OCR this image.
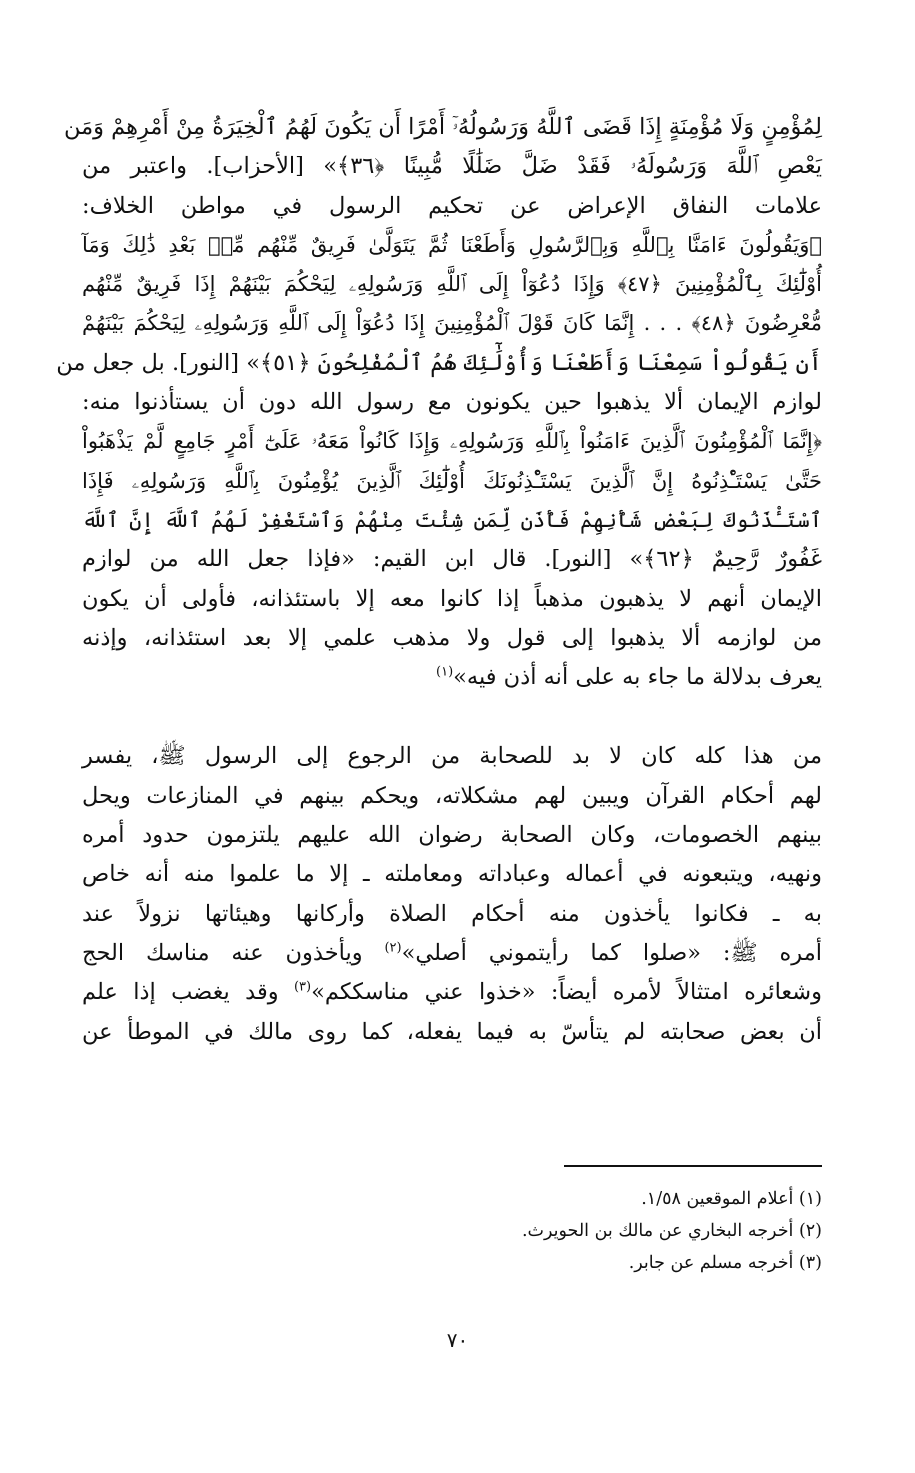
لِمُؤْمِنٍ وَلَا مُؤْمِنَةٍ إِذَا قَضَى ٱللَّهُ وَرَسُولُهُۥٓ أَمْرًا أَن يَكُونَ لَهُمُ ٱلْخِيَرَةُ مِنْ أَمْرِهِمْ وَمَن
يَعْصِ ٱللَّهَ وَرَسُولَهُۥ فَقَدْ ضَلَّ ضَلَٰلًا مُّبِينًا ﴿٣٦﴾» [الأحزاب]. واعتبر من
علامات النفاق الإعراض عن تحكيم الرسول في مواطن الخلاف:
﴿وَيَقُولُونَ ءَامَنَّا بِٱللَّهِ وَبِٱلرَّسُولِ وَأَطَعْنَا ثُمَّ يَتَوَلَّىٰ فَرِيقٌ مِّنْهُم مِّنۢ بَعْدِ ذَٰلِكَ وَمَآ
أُوْلَٰٓئِكَ بِٱلْمُؤْمِنِينَ ﴿٤٧﴾ وَإِذَا دُعُوٓاْ إِلَى ٱللَّهِ وَرَسُولِهِۦ لِيَحْكُمَ بَيْنَهُمْ إِذَا فَرِيقٌ مِّنْهُم
مُّعْرِضُونَ ﴿٤٨﴾ . . . إِنَّمَا كَانَ قَوْلَ ٱلْمُؤْمِنِينَ إِذَا دُعُوٓاْ إِلَى ٱللَّهِ وَرَسُولِهِۦ لِيَحْكُمَ بَيْنَهُمْ
أَن يَقُولُواْ سَمِعْنَا وَأَطَعْنَا وَأُوْلَٰٓئِكَ هُمُ ٱلْمُفْلِحُونَ ﴿٥١﴾» [النور]. بل جعل من
لوازم الإيمان ألا يذهبوا حين يكونون مع رسول الله دون أن يستأذنوا منه:
﴿إِنَّمَا ٱلْمُؤْمِنُونَ ٱلَّذِينَ ءَامَنُواْ بِٱللَّهِ وَرَسُولِهِۦ وَإِذَا كَانُواْ مَعَهُۥ عَلَىٰٓ أَمْرٍ جَامِعٍ لَّمْ يَذْهَبُواْ
حَتَّىٰ يَسْتَـْٔذِنُوهُ إِنَّ ٱلَّذِينَ يَسْتَـْٔذِنُونَكَ أُوْلَٰٓئِكَ ٱلَّذِينَ يُؤْمِنُونَ بِٱللَّهِ وَرَسُولِهِۦ فَإِذَا
ٱسْتَـْٔذَنُوكَ لِبَعْضِ شَأْنِهِمْ فَأْذَن لِّمَن شِئْتَ مِنْهُمْ وَٱسْتَغْفِرْ لَهُمُ ٱللَّهَ إِنَّ ٱللَّهَ
غَفُورٌ رَّحِيمٌ ﴿٦٢﴾» [النور]. قال ابن القيم: «فإذا جعل الله من لوازم
الإيمان أنهم لا يذهبون مذهباً إذا كانوا معه إلا باستئذانه، فأولى أن يكون
من لوازمه ألا يذهبوا إلى قول ولا مذهب علمي إلا بعد استئذانه، وإذنه
يعرف بدلالة ما جاء به على أنه أذن فيه»$^{(١)}$
من هذا كله كان لا بد للصحابة من الرجوع إلى الرسول ﷺ، يفسر
لهم أحكام القرآن ويبين لهم مشكلاته، ويحكم بينهم في المنازعات ويحل
بينهم الخصومات، وكان الصحابة رضوان الله عليهم يلتزمون حدود أمره
ونهيه، ويتبعونه في أعماله وعباداته ومعاملته ـ إلا ما علموا منه أنه خاص
به ـ فكانوا يأخذون منه أحكام الصلاة وأركانها وهيئاتها نزولاً عند
أمره ﷺ: «صلوا كما رأيتموني أصلي»$^{(٢)}$ ويأخذون عنه مناسك الحج
وشعائره امتثالاً لأمره أيضاً: «خذوا عني مناسككم»$^{(٣)}$ وقد يغضب إذا علم
أن بعض صحابته لم يتأسّ به فيما يفعله، كما روى مالك في الموطأ عن
(١) أعلام الموقعين ١/٥٨.
(٢) أخرجه البخاري عن مالك بن الحويرث.
(٣) أخرجه مسلم عن جابر.
٧٠
